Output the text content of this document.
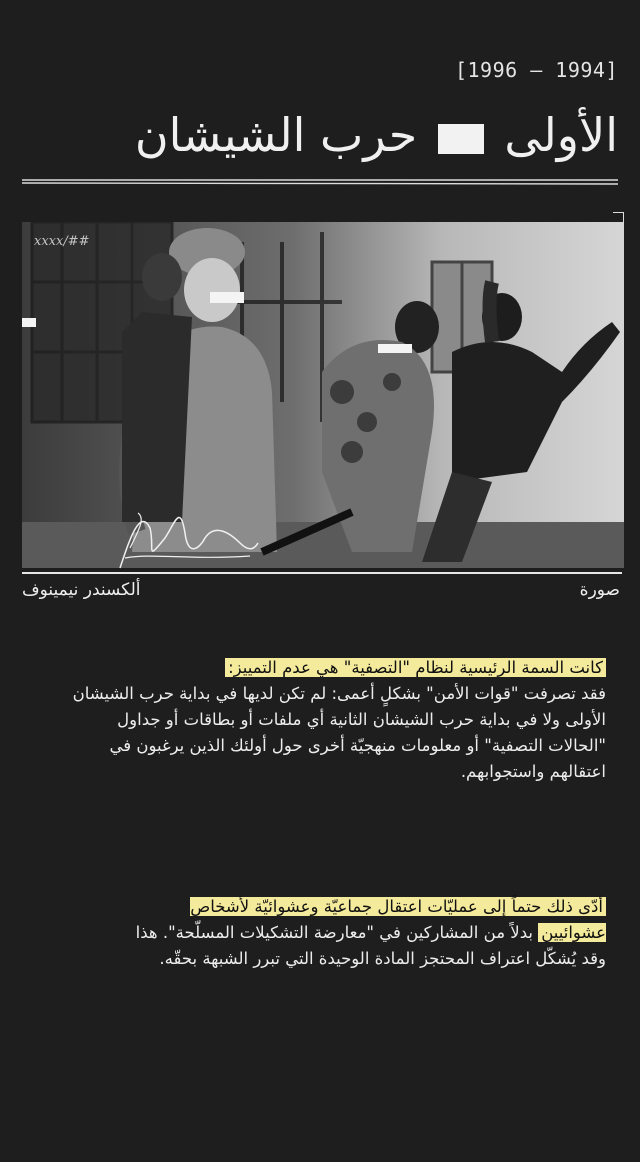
[1996 – 1994]
الأولى  حرب الشيشان
xxxx/##
صورة
ألكسندر نيمينوف
كانت السمة الرئيسية لنظام "التصفية" هي عدم التمييز:
فقد تصرفت "قوات الأمن" بشكلٍ أعمى: لم تكن لديها في بداية حرب الشيشان الأولى ولا في بداية حرب الشيشان الثانية أي ملفات أو بطاقات أو جداول "الحالات التصفية" أو معلومات منهجيّة أخرى حول أولئك الذين يرغبون في اعتقالهم واستجوابهم.
أدّى ذلك حتماً إلى عمليّات اعتقال جماعيّة وعشوائيّة لأشخاص عشوائيين بدلاً من المشاركين في "معارضة التشكيلات المسلّحة". هذا وقد يُشكّل اعتراف المحتجز المادة الوحيدة التي تبرر الشبهة بحقّه.
